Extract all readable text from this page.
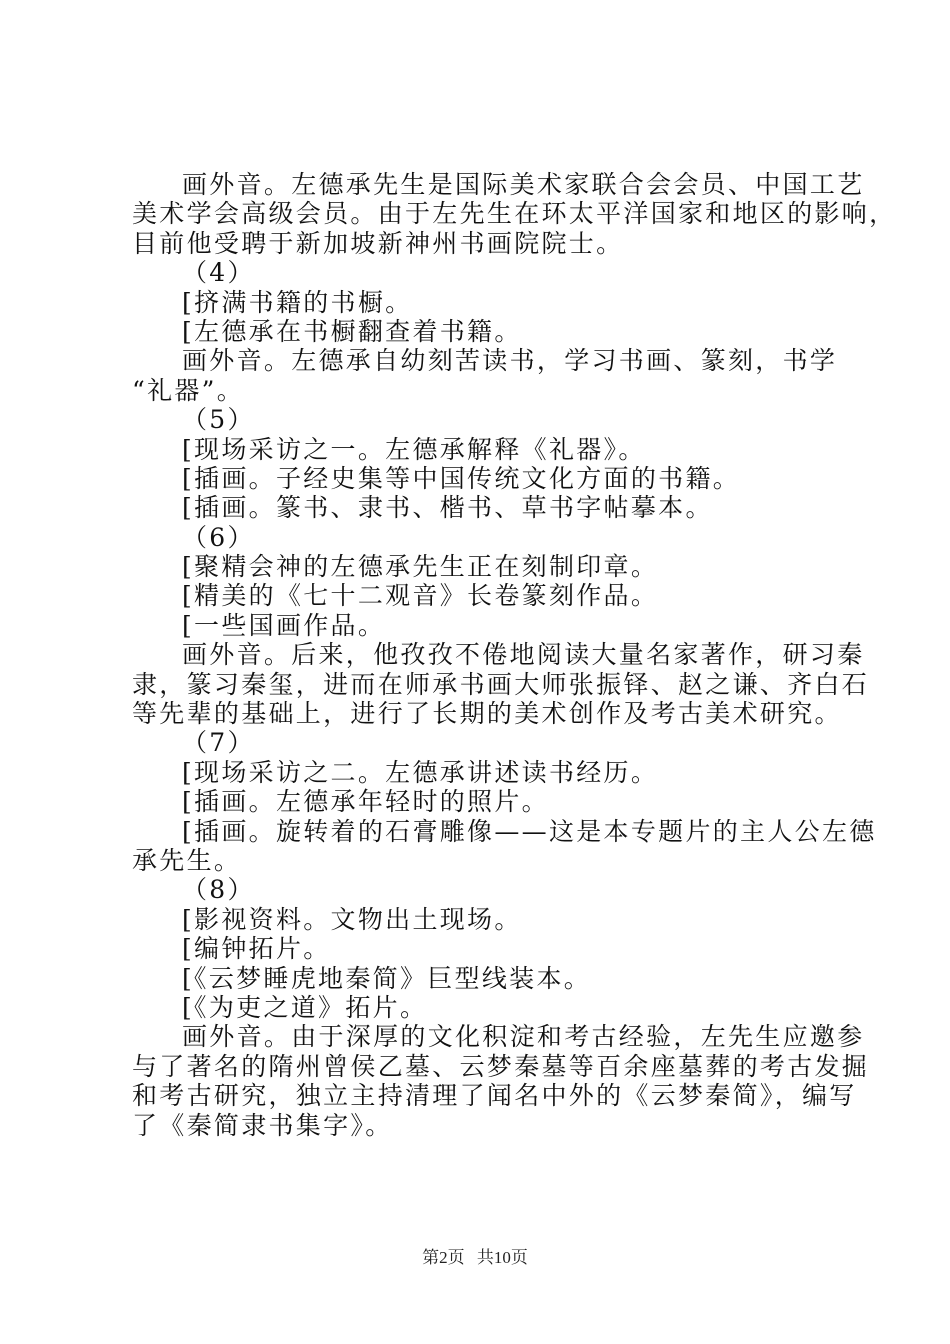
画外音。左德承先生是国际美术家联合会会员、中国工艺
美术学会高级会员。由于左先生在环太平洋国家和地区的影响，
目前他受聘于新加坡新神州书画院院士。
（4）
[挤满书籍的书橱。
[左德承在书橱翻查着书籍。
画外音。左德承自幼刻苦读书，学习书画、篆刻，书学
“礼器”。
（5）
[现场采访之一。左德承解释《礼器》。
[插画。子经史集等中国传统文化方面的书籍。
[插画。篆书、隶书、楷书、草书字帖摹本。
（6）
[聚精会神的左德承先生正在刻制印章。
[精美的《七十二观音》长卷篆刻作品。
[一些国画作品。
画外音。后来，他孜孜不倦地阅读大量名家著作，研习秦
隶，篆习秦玺，进而在师承书画大师张振铎、赵之谦、齐白石
等先辈的基础上，进行了长期的美术创作及考古美术研究。
（7）
[现场采访之二。左德承讲述读书经历。
[插画。左德承年轻时的照片。
[插画。旋转着的石膏雕像——这是本专题片的主人公左德
承先生。
（8）
[影视资料。文物出土现场。
[编钟拓片。
[《云梦睡虎地秦简》巨型线装本。
[《为吏之道》拓片。
画外音。由于深厚的文化积淀和考古经验，左先生应邀参
与了著名的隋州曾侯乙墓、云梦秦墓等百余座墓葬的考古发掘
和考古研究，独立主持清理了闻名中外的《云梦秦简》，编写
了《秦简隶书集字》。
第2页 共10页
